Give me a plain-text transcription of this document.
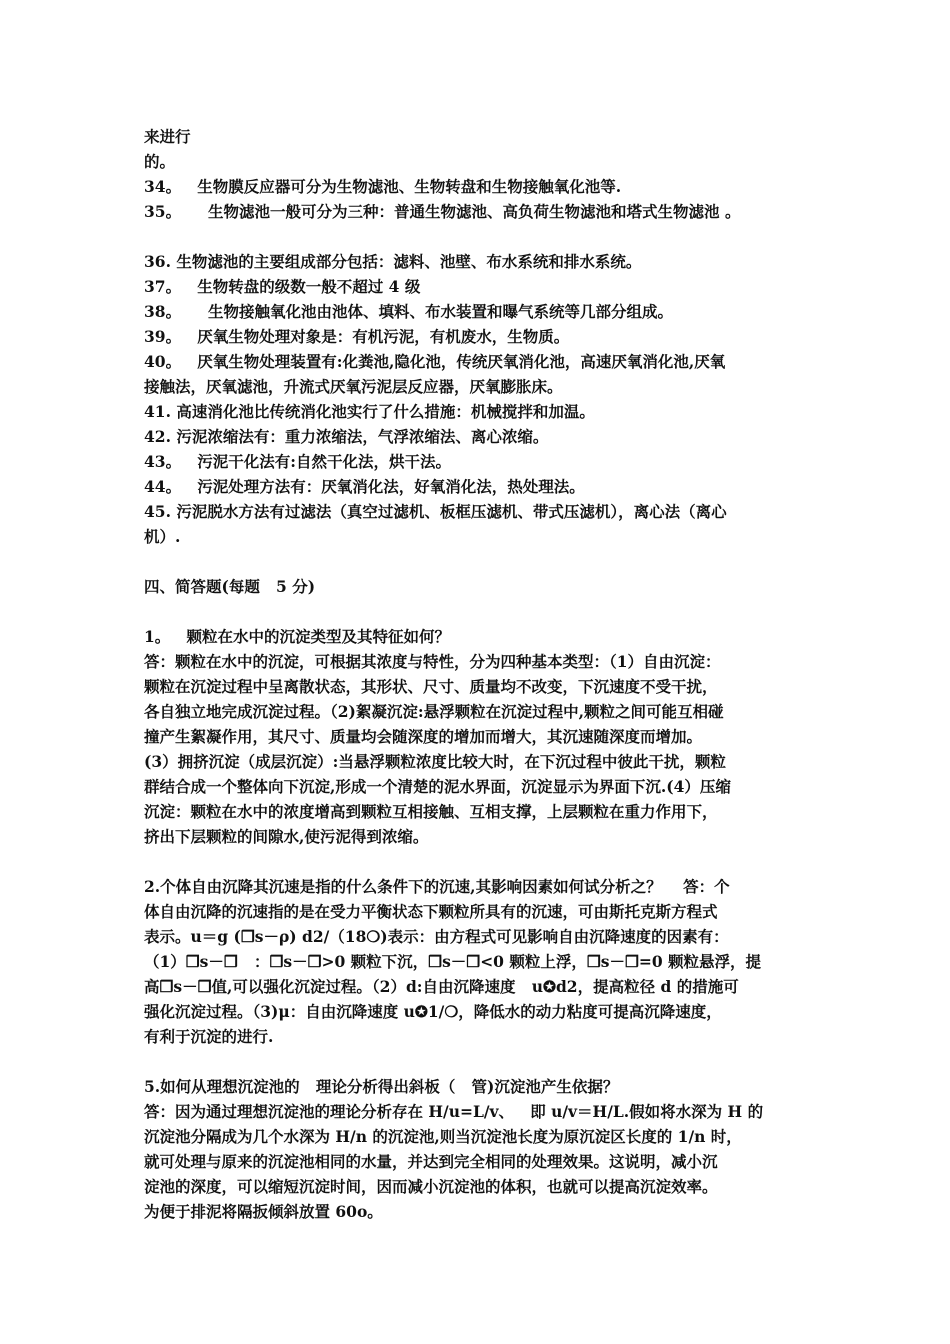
来进行
的。
34。   生物膜反应器可分为生物滤池、生物转盘和生物接触氧化池等.
35。     生物滤池一般可分为三种：普通生物滤池、高负荷生物滤池和塔式生物滤池 。
36. 生物滤池的主要组成部分包括：滤料、池壁、布水系统和排水系统。
37。   生物转盘的级数一般不超过 4 级
38。     生物接触氧化池由池体、填料、布水装置和曝气系统等几部分组成。
39。   厌氧生物处理对象是：有机污泥，有机废水，生物质。
40。   厌氧生物处理装置有:化粪池,隐化池，传统厌氧消化池，高速厌氧消化池,厌氧
接触法，厌氧滤池，升流式厌氧污泥层反应器，厌氧膨胀床。
41. 高速消化池比传统消化池实行了什么措施：机械搅拌和加温。
42. 污泥浓缩法有：重力浓缩法，气浮浓缩法、离心浓缩。
43。   污泥干化法有:自然干化法，烘干法。
44。   污泥处理方法有：厌氧消化法，好氧消化法，热处理法。
45. 污泥脱水方法有过滤法（真空过滤机、板框压滤机、带式压滤机），离心法（离心
机）.
四、简答题(每题   5 分)
1。   颗粒在水中的沉淀类型及其特征如何？
答：颗粒在水中的沉淀，可根据其浓度与特性，分为四种基本类型：（1）自由沉淀：
颗粒在沉淀过程中呈离散状态，其形状、尺寸、质量均不改变，下沉速度不受干扰，
各自独立地完成沉淀过程。（2)絮凝沉淀:悬浮颗粒在沉淀过程中,颗粒之间可能互相碰
撞产生絮凝作用，其尺寸、质量均会随深度的增加而增大，其沉速随深度而增加。
(3）拥挤沉淀（成层沉淀）:当悬浮颗粒浓度比较大时，在下沉过程中彼此干扰，颗粒
群结合成一个整体向下沉淀,形成一个清楚的泥水界面，沉淀显示为界面下沉.(4）压缩
沉淀：颗粒在水中的浓度增高到颗粒互相接触、互相支撑，上层颗粒在重力作用下，
挤出下层颗粒的间隙水,使污泥得到浓缩。
2.个体自由沉降其沉速是指的什么条件下的沉速,其影响因素如何试分析之？    答：个
体自由沉降的沉速指的是在受力平衡状态下颗粒所具有的沉速，可由斯托克斯方程式
表示。u＝g (❒s－ρ) d2/（18❍)表示：由方程式可见影响自由沉降速度的因素有：
（1）❒s－❒   ：❒s－❒>0 颗粒下沉，❒s－❒<0 颗粒上浮，❒s－❒=0 颗粒悬浮，提
高❒s－❒值,可以强化沉淀过程。（2）d:自由沉降速度   u✪d2，提高粒径 d 的措施可
强化沉淀过程。（3)μ：自由沉降速度 u✪1/❍，降低水的动力粘度可提高沉降速度，
有利于沉淀的进行.
5.如何从理想沉淀池的   理论分析得出斜板（   管)沉淀池产生依据？
答：因为通过理想沉淀池的理论分析存在 H/u=L/v、   即 u/v＝H/L.假如将水深为 H 的
沉淀池分隔成为几个水深为 H/n 的沉淀池,则当沉淀池长度为原沉淀区长度的 1/n 时，
就可处理与原来的沉淀池相同的水量，并达到完全相同的处理效果。这说明，减小沉
淀池的深度，可以缩短沉淀时间，因而减小沉淀池的体积，也就可以提高沉淀效率。
为便于排泥将隔扳倾斜放置 60o。
